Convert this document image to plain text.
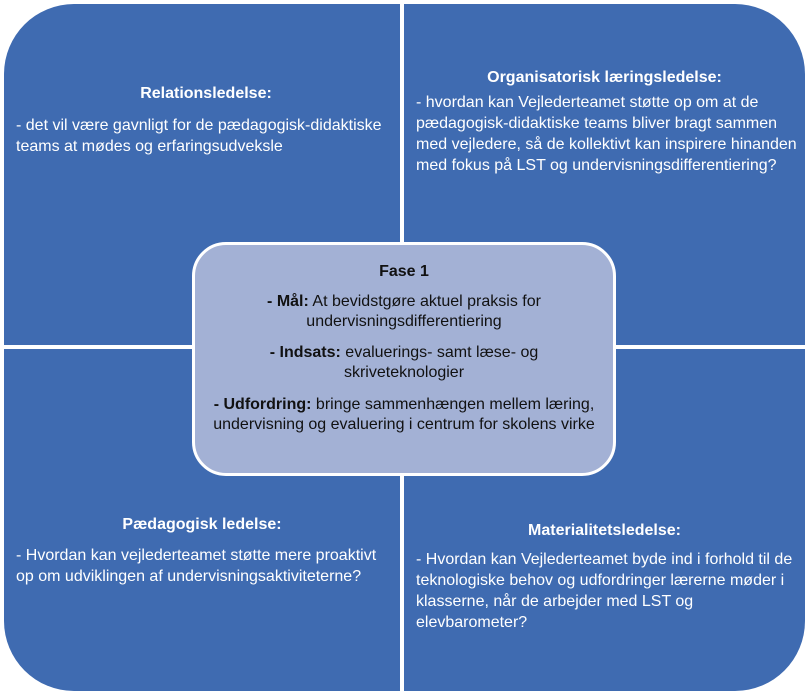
Relationsledelse:
- det vil være gavnligt for de pædagogisk-didaktiske teams at mødes og erfaringsudveksle
Organisatorisk læringsledelse:
- hvordan kan Vejlederteamet støtte op om at de pædagogisk-didaktiske teams bliver bragt sammen med vejledere, så de kollektivt kan inspirere hinanden med fokus på LST og undervisningsdifferentiering?
Pædagogisk ledelse:
- Hvordan kan vejlederteamet støtte mere proaktivt op om udviklingen af undervisningsaktiviteterne?
Materialitetsledelse:
- Hvordan kan Vejlederteamet byde ind i forhold til de teknologiske behov og udfordringer lærerne møder i klasserne, når de arbejder med LST og elevbarometer?
Fase 1
- Mål: At bevidstgøre aktuel praksis for undervisningsdifferentiering
- Indsats: evaluerings- samt læse- og skriveteknologier
- Udfordring: bringe sammenhængen mellem læring, undervisning og evaluering i centrum for skolens virke
